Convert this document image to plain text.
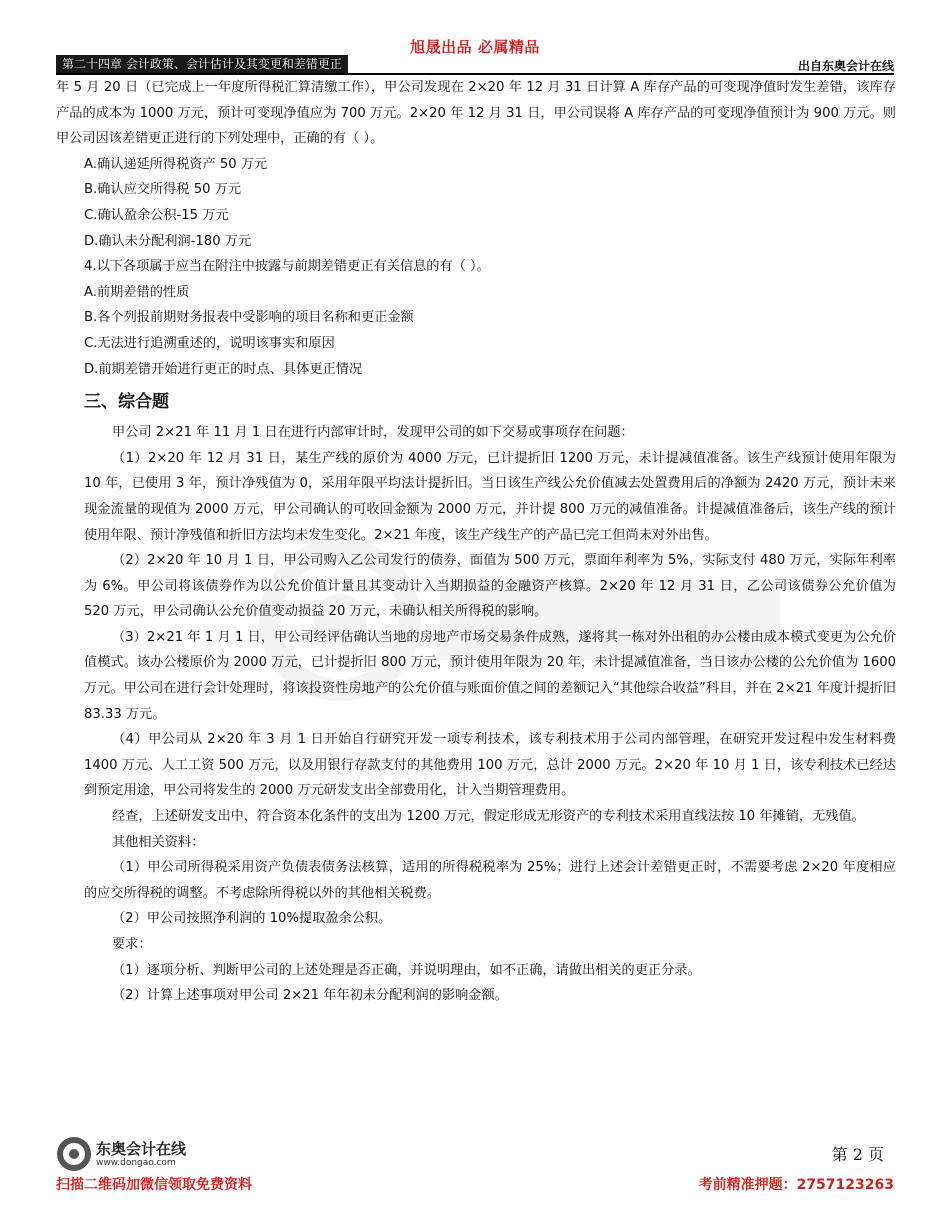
旭晟出品 必属精品
第二十四章 会计政策、会计估计及其变更和差错更正	出自东奥会计在线

年 5 月 20 日（已完成上一年度所得税汇算清缴工作），甲公司发现在 2×20 年 12 月 31 日计算 A 库存产品的可变现净值时发生差错，该库存产品的成本为 1000 万元，预计可变现净值应为 700 万元。2×20 年 12 月 31 日，甲公司误将 A 库存产品的可变现净值预计为 900 万元。则甲公司因该差错更正进行的下列处理中，正确的有（ ）。

A.确认递延所得税资产 50 万元

B.确认应交所得税 50 万元

C.确认盈余公积-15 万元

D.确认未分配利润-180 万元

4.以下各项属于应当在附注中披露与前期差错更正有关信息的有（ ）。

A.前期差错的性质

B.各个列报前期财务报表中受影响的项目名称和更正金额

C.无法进行追溯重述的，说明该事实和原因

D.前期差错开始进行更正的时点、具体更正情况

三、综合题

甲公司 2×21 年 11 月 1 日在进行内部审计时，发现甲公司的如下交易或事项存在问题：

（1）2×20 年 12 月 31 日，某生产线的原价为 4000 万元，已计提折旧 1200 万元，未计提减值准备。该生产线预计使用年限为 10 年，已使用 3 年，预计净残值为 0，采用年限平均法计提折旧。当日该生产线公允价值减去处置费用后的净额为 2420 万元，预计未来现金流量的现值为 2000 万元，甲公司确认的可收回金额为 2000 万元，并计提 800 万元的减值准备。计提减值准备后，该生产线的预计使用年限、预计净残值和折旧方法均未发生变化。2×21 年度，该生产线生产的产品已完工但尚未对外出售。

（2）2×20 年 10 月 1 日，甲公司购入乙公司发行的债券，面值为 500 万元，票面年利率为 5%，实际支付 480 万元，实际年利率为 6%。甲公司将该债券作为以公允价值计量且其变动计入当期损益的金融资产核算。2×20 年 12 月 31 日，乙公司该债券公允价值为 520 万元，甲公司确认公允价值变动损益 20 万元，未确认相关所得税的影响。

（3）2×21 年 1 月 1 日，甲公司经评估确认当地的房地产市场交易条件成熟，遂将其一栋对外出租的办公楼由成本模式变更为公允价值模式。该办公楼原价为 2000 万元，已计提折旧 800 万元，预计使用年限为 20 年，未计提减值准备，当日该办公楼的公允价值为 1600 万元。甲公司在进行会计处理时，将该投资性房地产的公允价值与账面价值之间的差额记入“其他综合收益”科目，并在 2×21 年度计提折旧 83.33 万元。

（4）甲公司从 2×20 年 3 月 1 日开始自行研究开发一项专利技术，该专利技术用于公司内部管理，在研究开发过程中发生材料费 1400 万元、人工工资 500 万元，以及用银行存款支付的其他费用 100 万元，总计 2000 万元。2×20 年 10 月 1 日，该专利技术已经达到预定用途，甲公司将发生的 2000 万元研发支出全部费用化，计入当期管理费用。

经查，上述研发支出中，符合资本化条件的支出为 1200 万元，假定形成无形资产的专利技术采用直线法按 10 年摊销，无残值。

其他相关资料：

（1）甲公司所得税采用资产负债表债务法核算，适用的所得税税率为 25%；进行上述会计差错更正时，不需要考虑 2×20 年度相应的应交所得税的调整。不考虑除所得税以外的其他相关税费。

（2）甲公司按照净利润的 10%提取盈余公积。

要求：

（1）逐项分析、判断甲公司的上述处理是否正确，并说明理由，如不正确，请做出相关的更正分录。

（2）计算上述事项对甲公司 2×21 年年初未分配利润的影响金额。

东奥会计在线
www.dongao.com	第 2 页
扫描二维码加微信领取免费资料	考前精准押题：2757123263
